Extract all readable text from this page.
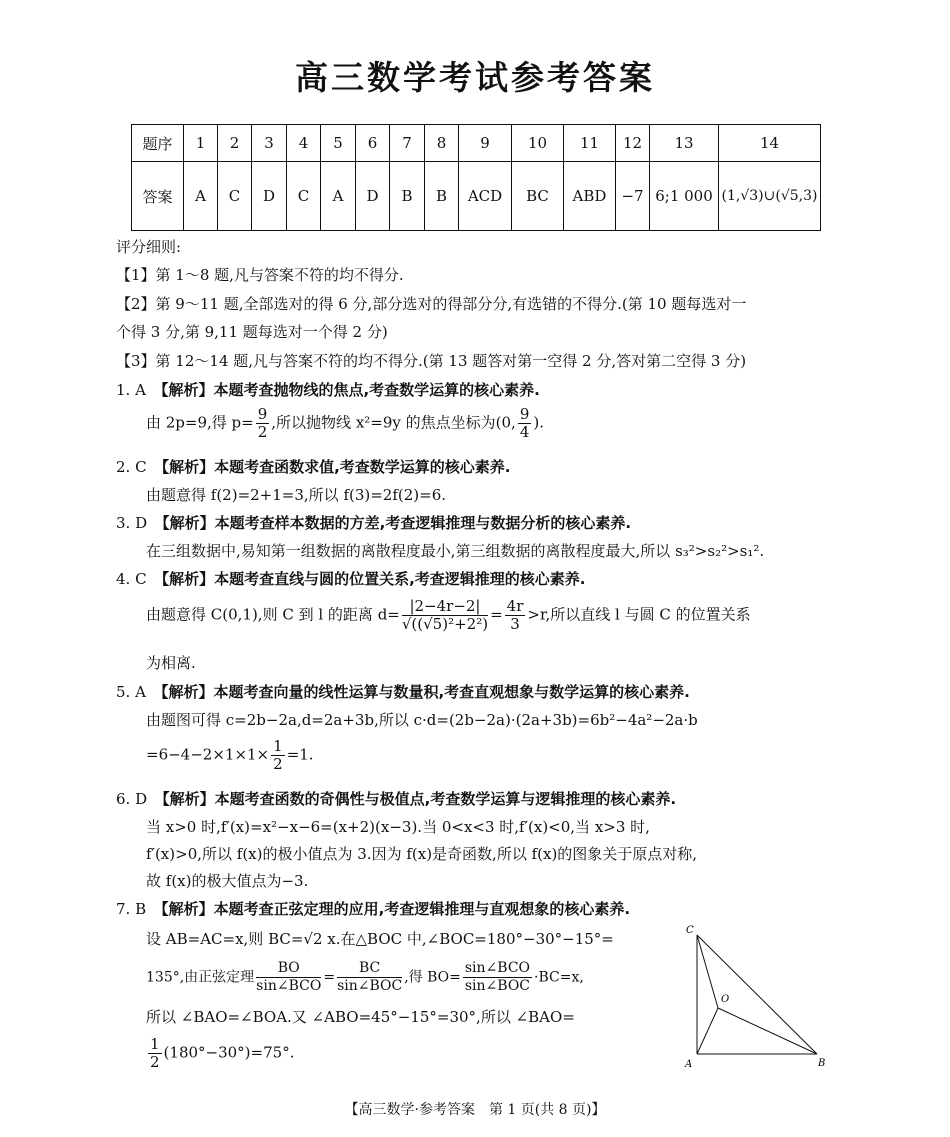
高三数学考试参考答案
题序	1	2	3	4	5	6	7	8	9	10	11	12	13	14
答案	A	C	D	C	A	D	B	B	ACD	BC	ABD	−7	6;1 000	(1,√3)∪(√5,3)
评分细则:
【1】第 1～8 题,凡与答案不符的均不得分.
【2】第 9～11 题,全部选对的得 6 分,部分选对的得部分分,有选错的不得分.(第 10 题每选对一
个得 3 分,第 9,11 题每选对一个得 2 分)
【3】第 12～14 题,凡与答案不符的均不得分.(第 13 题答对第一空得 2 分,答对第二空得 3 分)
1. A　 【解析】本题考查抛物线的焦点,考查数学运算的核心素养.
由 2p=9,得 $p= \frac{9}{2}$ ,所以抛物线 x²=9y 的焦点坐标为(0, $\frac{9}{4}$ ).
2. C　 【解析】本题考查函数求值,考查数学运算的核心素养.
由题意得 f(2)=2+1=3,所以 f(3)=2f(2)=6.
3. D　 【解析】本题考查样本数据的方差,考查逻辑推理与数据分析的核心素养.
在三组数据中,易知第一组数据的离散程度最小,第三组数据的离散程度最大,所以 s₃²>s₂²>s₁².
4. C　 【解析】本题考查直线与圆的位置关系,考查逻辑推理的核心素养.
由题意得 C(0,1),则 C 到 l 的距离 $d= \frac{|2-4r-2|}{\text{√((√5)²+2²)}} = \frac{4r}{3} >r$,所以直线 l 与圆 C 的位置关系
为相离.
5. A　 【解析】本题考查向量的线性运算与数量积,考查直观想象与数学运算的核心素养.
由题图可得 c=2b−2a,d=2a+3b,所以 c·d=(2b−2a)·(2a+3b)=6b²−4a²−2a·b
$=6-4-2\times 1\times 1\times \frac{1}{2} =1$.
6. D　 【解析】本题考查函数的奇偶性与极值点,考查数学运算与逻辑推理的核心素养.
当 x>0 时,f′(x)=x²−x−6=(x+2)(x−3).当 0<x<3 时,f′(x)<0,当 x>3 时,
f′(x)>0,所以 f(x)的极小值点为 3.因为 f(x)是奇函数,所以 f(x)的图象关于原点对称,
故 f(x)的极大值点为−3.
7. B　 【解析】本题考查正弦定理的应用,考查逻辑推理与直观想象的核心素养.
设 AB=AC=x,则 BC=√2 x.在△BOC 中,∠BOC=180°−30°−15°=
135°,由正弦定理 $\frac{BO}{\text{sin∠BCO}} = \frac{BC}{\text{sin∠BOC}}$ ,得 $BO= \frac{\text{sin∠BCO}}{\text{sin∠BOC}} \cdot BC=x$,
所以 ∠BAO=∠BOA.又 ∠ABO=45°−15°=30°,所以 ∠BAO=
$\frac{1}{2} (180^\circ-30^\circ)=75^\circ$.
A	B
C
O
【高三数学·参考答案　第 1 页(共 8 页)】
